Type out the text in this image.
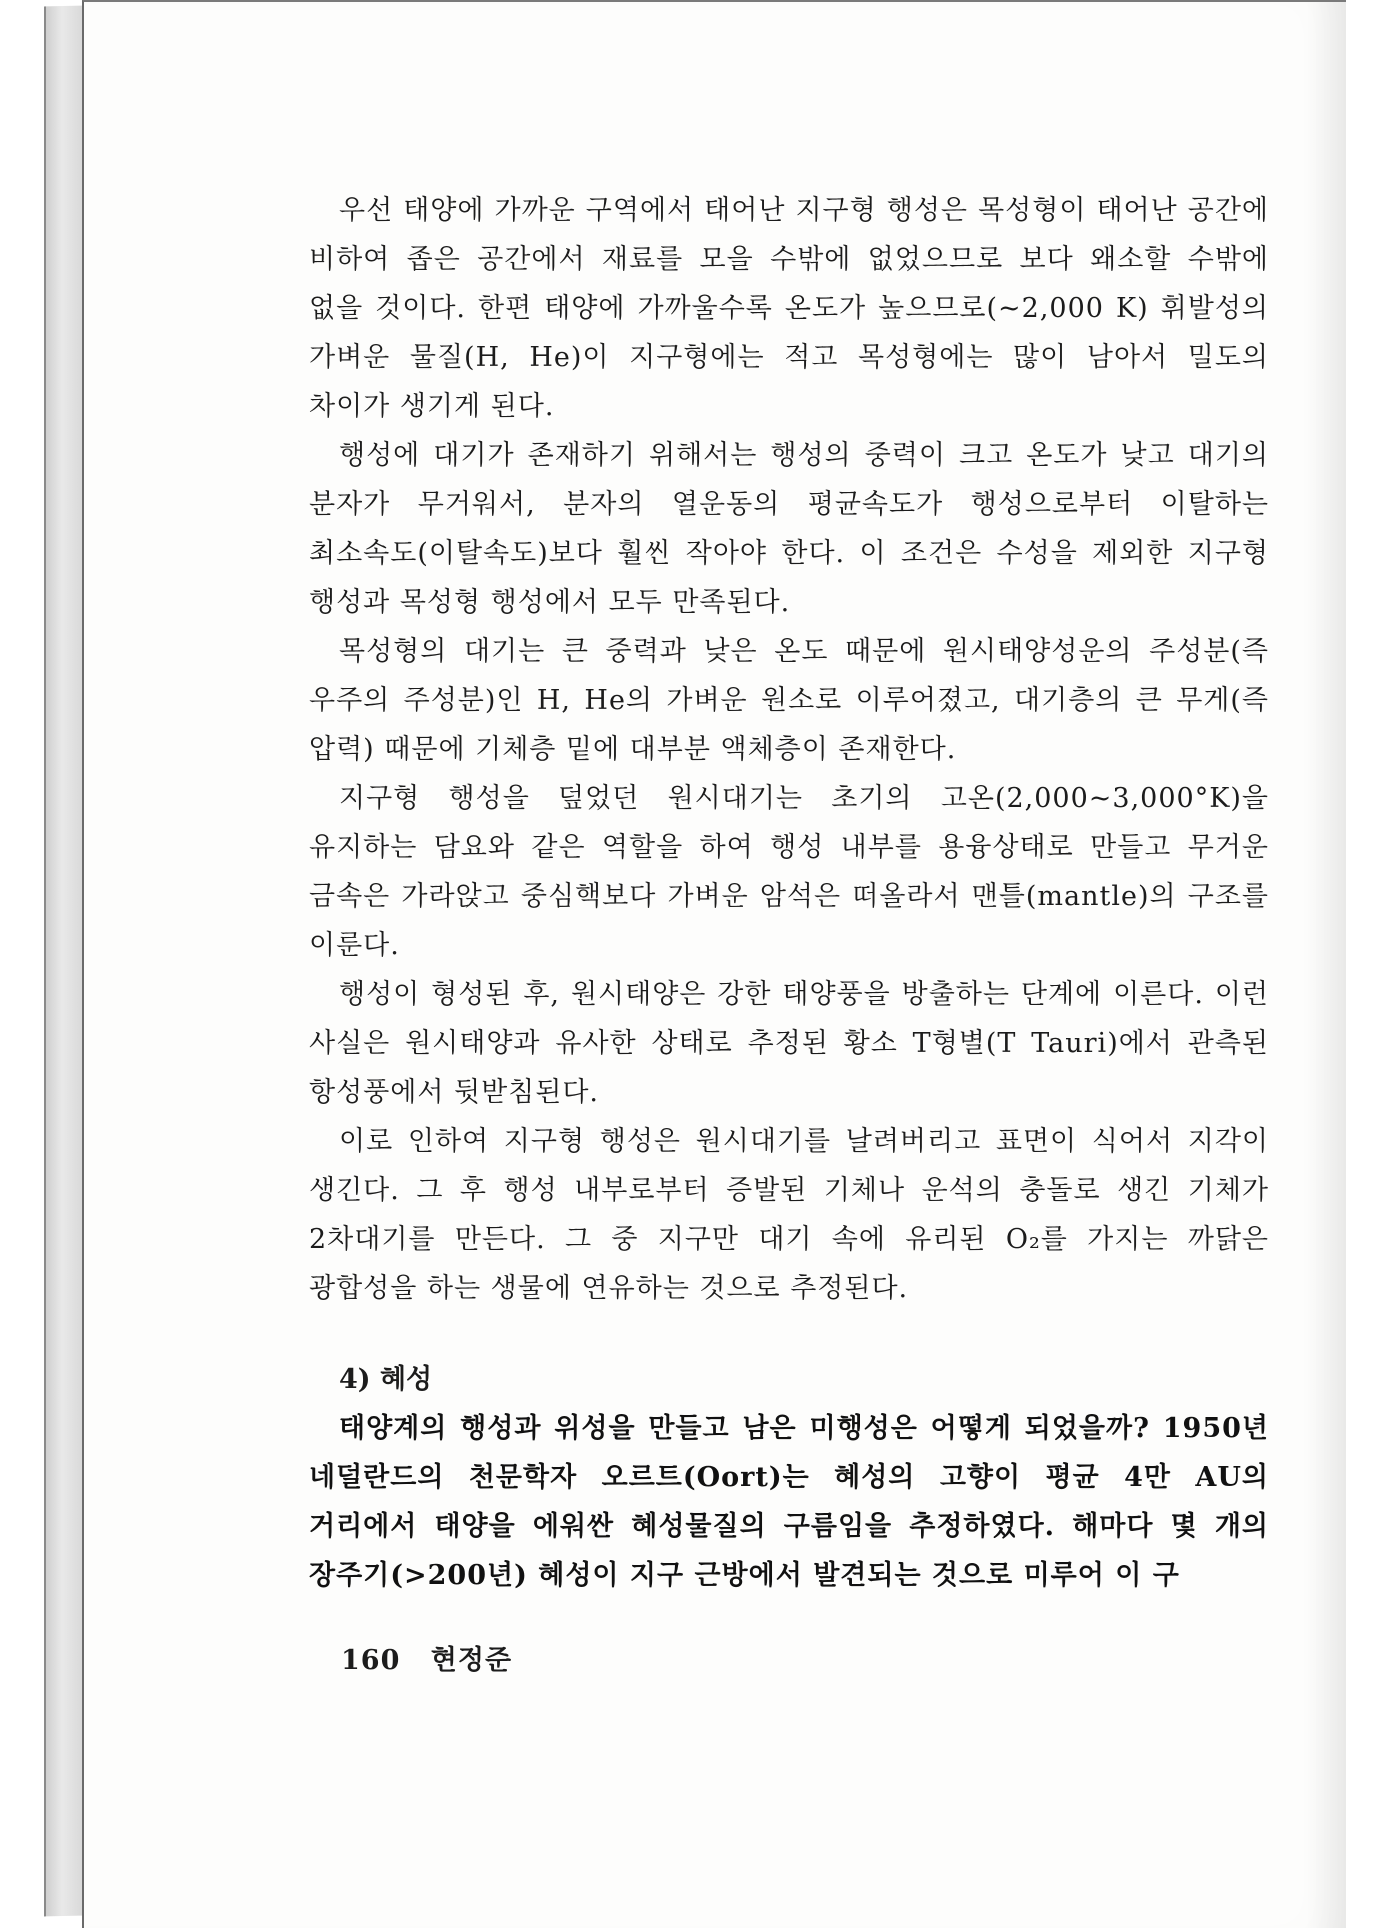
우선 태양에 가까운 구역에서 태어난 지구형 행성은 목성형이 태어난 공간에 비하여 좁은 공간에서 재료를 모을 수밖에 없었으므로 보다 왜소할 수밖에 없을 것이다. 한편 태양에 가까울수록 온도가 높으므로(~2,000 K) 휘발성의 가벼운 물질(H, He)이 지구형에는 적고 목성형에는 많이 남아서 밀도의 차이가 생기게 된다.

행성에 대기가 존재하기 위해서는 행성의 중력이 크고 온도가 낮고 대기의 분자가 무거워서, 분자의 열운동의 평균속도가 행성으로부터 이탈하는 최소속도(이탈속도)보다 훨씬 작아야 한다. 이 조건은 수성을 제외한 지구형 행성과 목성형 행성에서 모두 만족된다.

목성형의 대기는 큰 중력과 낮은 온도 때문에 원시태양성운의 주성분(즉 우주의 주성분)인 H, He의 가벼운 원소로 이루어졌고, 대기층의 큰 무게(즉 압력) 때문에 기체층 밑에 대부분 액체층이 존재한다.

지구형 행성을 덮었던 원시대기는 초기의 고온(2,000~3,000°K)을 유지하는 담요와 같은 역할을 하여 행성 내부를 용융상태로 만들고 무거운 금속은 가라앉고 중심핵보다 가벼운 암석은 떠올라서 맨틀(mantle)의 구조를 이룬다.

행성이 형성된 후, 원시태양은 강한 태양풍을 방출하는 단계에 이른다. 이런 사실은 원시태양과 유사한 상태로 추정된 황소 T형별(T Tauri)에서 관측된 항성풍에서 뒷받침된다.

이로 인하여 지구형 행성은 원시대기를 날려버리고 표면이 식어서 지각이 생긴다. 그 후 행성 내부로부터 증발된 기체나 운석의 충돌로 생긴 기체가 2차대기를 만든다. 그 중 지구만 대기 속에 유리된 O₂를 가지는 까닭은 광합성을 하는 생물에 연유하는 것으로 추정된다.

4) 혜성

태양계의 행성과 위성을 만들고 남은 미행성은 어떻게 되었을까? 1950년 네덜란드의 천문학자 오르트(Oort)는 혜성의 고향이 평균 4만 AU의 거리에서 태양을 에워싼 혜성물질의 구름임을 추정하였다. 해마다 몇 개의 장주기(>200년) 혜성이 지구 근방에서 발견되는 것으로 미루어 이 구

160 현정준
